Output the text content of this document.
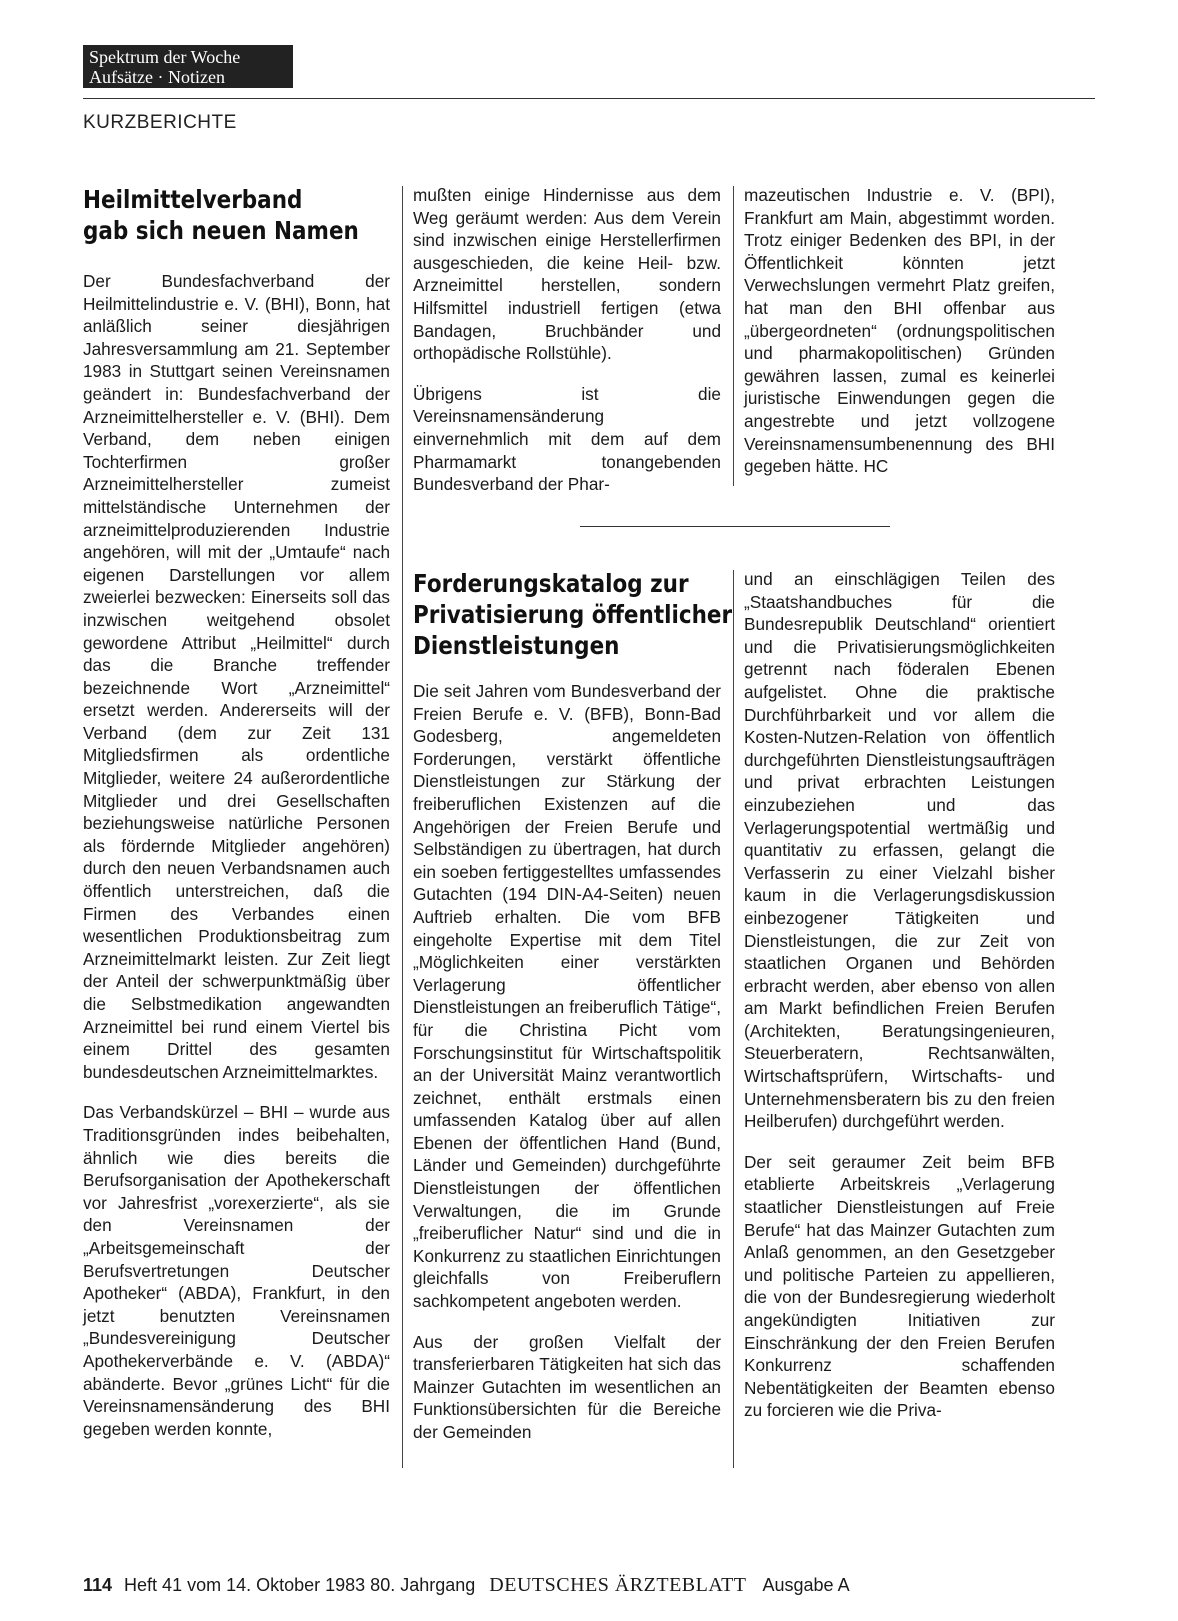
Spektrum der Woche
Aufsätze · Notizen
KURZBERICHTE
Heilmittelverband
gab sich neuen Namen

Der Bundesfachverband der Heilmittelindustrie e. V. (BHI), Bonn, hat anläßlich seiner diesjährigen Jahresversammlung am 21. September 1983 in Stuttgart seinen Vereinsnamen geändert in: Bundesfachverband der Arzneimittelhersteller e. V. (BHI). Dem Verband, dem neben einigen Tochterfirmen großer Arzneimittelhersteller zumeist mittelständische Unternehmen der arzneimittelproduzierenden Industrie angehören, will mit der „Umtaufe“ nach eigenen Darstellungen vor allem zweierlei bezwecken: Einerseits soll das inzwischen weitgehend obsolet gewordene Attribut „Heilmittel“ durch das die Branche treffender bezeichnende Wort „Arzneimittel“ ersetzt werden. Andererseits will der Verband (dem zur Zeit 131 Mitgliedsfirmen als ordentliche Mitglieder, weitere 24 außerordentliche Mitglieder und drei Gesellschaften beziehungsweise natürliche Personen als fördernde Mitglieder angehören) durch den neuen Verbandsnamen auch öffentlich unterstreichen, daß die Firmen des Verbandes einen wesentlichen Produktionsbeitrag zum Arzneimittelmarkt leisten. Zur Zeit liegt der Anteil der schwerpunktmäßig über die Selbstmedikation angewandten Arzneimittel bei rund einem Viertel bis einem Drittel des gesamten bundesdeutschen Arzneimittelmarktes.

Das Verbandskürzel – BHI – wurde aus Traditionsgründen indes beibehalten, ähnlich wie dies bereits die Berufsorganisation der Apothekerschaft vor Jahresfrist „vorexerzierte“, als sie den Vereinsnamen der „Arbeitsgemeinschaft der Berufsvertretungen Deutscher Apotheker“ (ABDA), Frankfurt, in den jetzt benutzten Vereinsnamen „Bundesvereinigung Deutscher Apothekerverbände e. V. (ABDA)“ abänderte. Bevor „grünes Licht“ für die Vereinsnamensänderung des BHI gegeben werden konnte,

mußten einige Hindernisse aus dem Weg geräumt werden: Aus dem Verein sind inzwischen einige Herstellerfirmen ausgeschieden, die keine Heil- bzw. Arzneimittel herstellen, sondern Hilfsmittel industriell fertigen (etwa Bandagen, Bruchbänder und orthopädische Rollstühle).

Übrigens ist die Vereinsnamensänderung einvernehmlich mit dem auf dem Pharmamarkt tonangebenden Bundesverband der Phar-

mazeutischen Industrie e. V. (BPI), Frankfurt am Main, abgestimmt worden. Trotz einiger Bedenken des BPI, in der Öffentlichkeit könnten jetzt Verwechslungen vermehrt Platz greifen, hat man den BHI offenbar aus „übergeordneten“ (ordnungspolitischen und pharmakopolitischen) Gründen gewähren lassen, zumal es keinerlei juristische Einwendungen gegen die angestrebte und jetzt vollzogene Vereinsnamensumbenennung des BHI gegeben hätte. HC

Forderungskatalog zur
Privatisierung öffentlicher
Dienstleistungen

Die seit Jahren vom Bundesverband der Freien Berufe e. V. (BFB), Bonn-Bad Godesberg, angemeldeten Forderungen, verstärkt öffentliche Dienstleistungen zur Stärkung der freiberuflichen Existenzen auf die Angehörigen der Freien Berufe und Selbständigen zu übertragen, hat durch ein soeben fertiggestelltes umfassendes Gutachten (194 DIN-A4-Seiten) neuen Auftrieb erhalten. Die vom BFB eingeholte Expertise mit dem Titel „Möglichkeiten einer verstärkten Verlagerung öffentlicher Dienstleistungen an freiberuflich Tätige“, für die Christina Picht vom Forschungsinstitut für Wirtschaftspolitik an der Universität Mainz verantwortlich zeichnet, enthält erstmals einen umfassenden Katalog über auf allen Ebenen der öffentlichen Hand (Bund, Länder und Gemeinden) durchgeführte Dienstleistungen der öffentlichen Verwaltungen, die im Grunde „freiberuflicher Natur“ sind und die in Konkurrenz zu staatlichen Einrichtungen gleichfalls von Freiberuflern sachkompetent angeboten werden.

Aus der großen Vielfalt der transferierbaren Tätigkeiten hat sich das Mainzer Gutachten im wesentlichen an Funktionsübersichten für die Bereiche der Gemeinden

und an einschlägigen Teilen des „Staatshandbuches für die Bundesrepublik Deutschland“ orientiert und die Privatisierungsmöglichkeiten getrennt nach föderalen Ebenen aufgelistet. Ohne die praktische Durchführbarkeit und vor allem die Kosten-Nutzen-Relation von öffentlich durchgeführten Dienstleistungsaufträgen und privat erbrachten Leistungen einzubeziehen und das Verlagerungspotential wertmäßig und quantitativ zu erfassen, gelangt die Verfasserin zu einer Vielzahl bisher kaum in die Verlagerungsdiskussion einbezogener Tätigkeiten und Dienstleistungen, die zur Zeit von staatlichen Organen und Behörden erbracht werden, aber ebenso von allen am Markt befindlichen Freien Berufen (Architekten, Beratungsingenieuren, Steuerberatern, Rechtsanwälten, Wirtschaftsprüfern, Wirtschafts- und Unternehmensberatern bis zu den freien Heilberufen) durchgeführt werden.

Der seit geraumer Zeit beim BFB etablierte Arbeitskreis „Verlagerung staatlicher Dienstleistungen auf Freie Berufe“ hat das Mainzer Gutachten zum Anlaß genommen, an den Gesetzgeber und politische Parteien zu appellieren, die von der Bundesregierung wiederholt angekündigten Initiativen zur Einschränkung der den Freien Berufen Konkurrenz schaffenden Nebentätigkeiten der Beamten ebenso zu forcieren wie die Priva-

114 Heft 41 vom 14. Oktober 1983 80. Jahrgang DEUTSCHES ÄRZTEBLATT Ausgabe A
